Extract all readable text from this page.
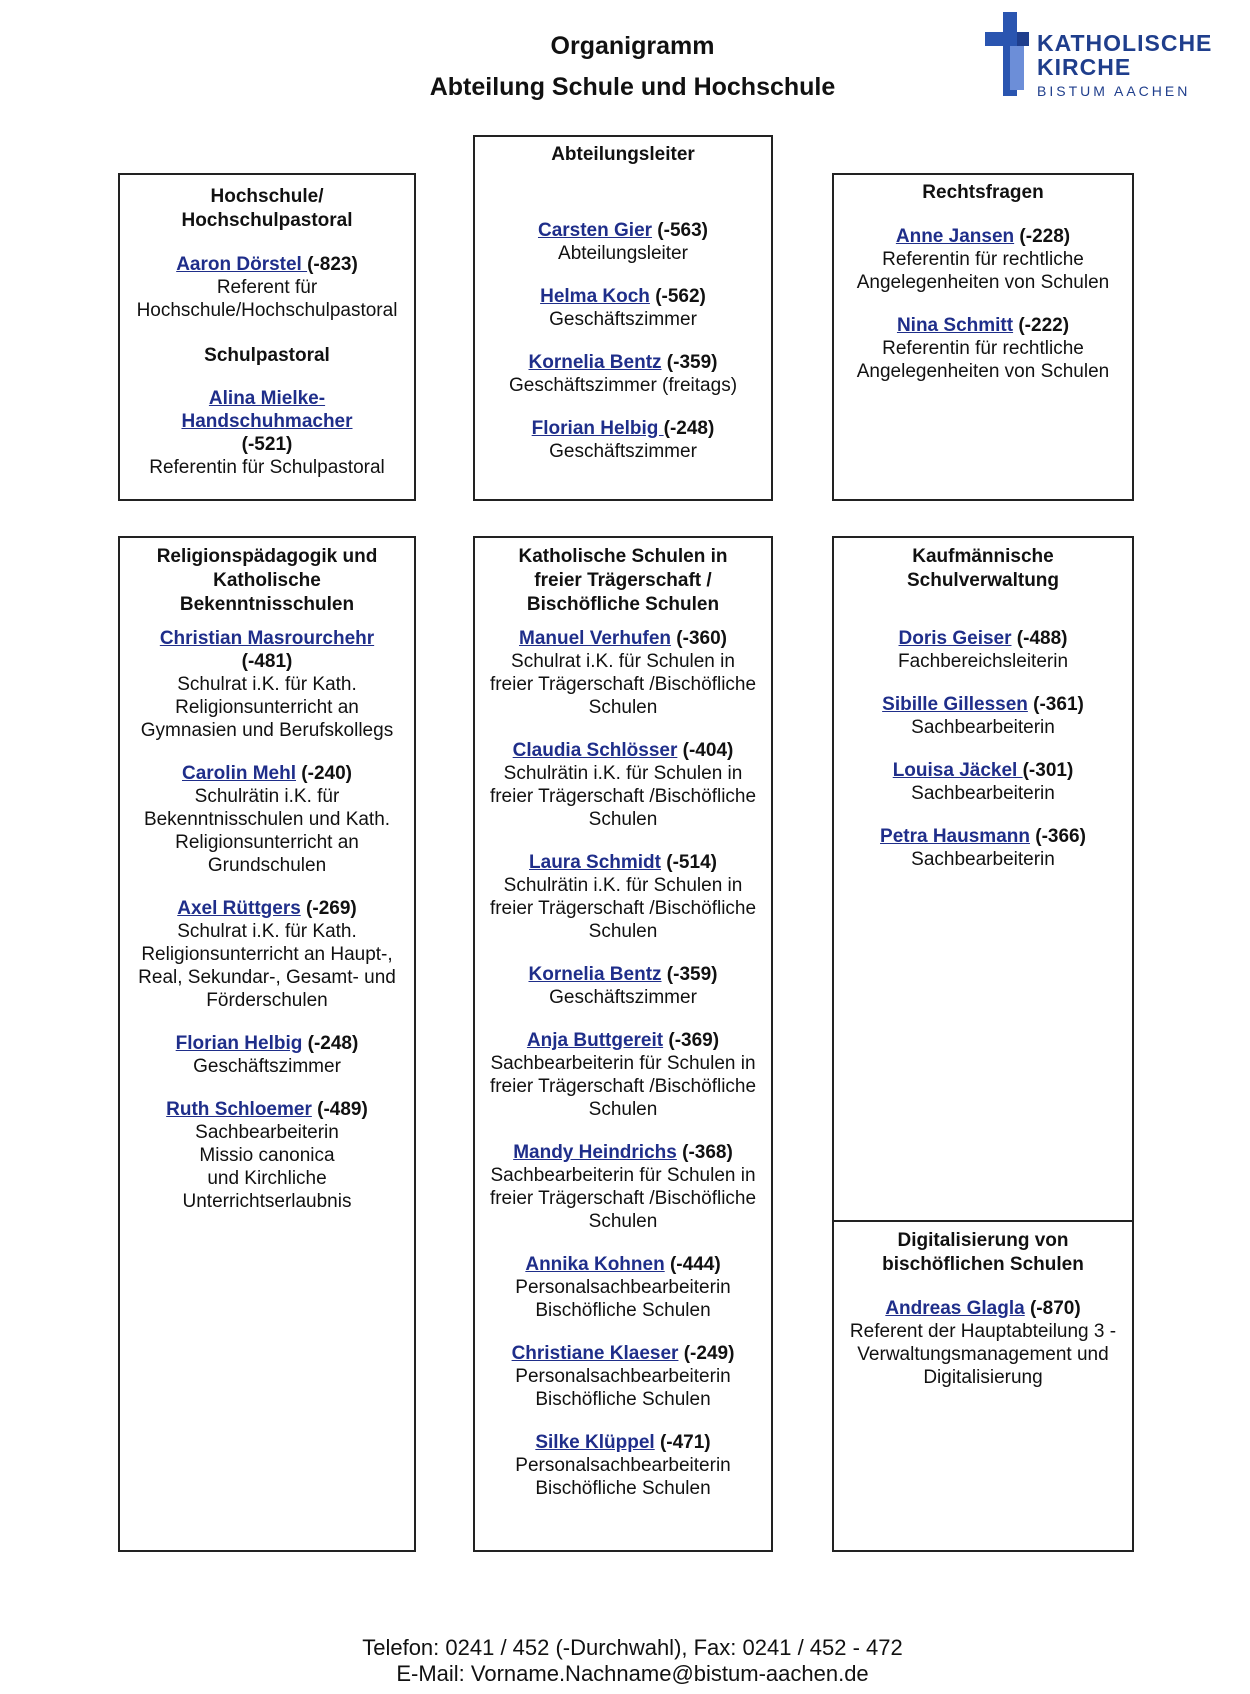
Organigramm
Abteilung Schule und Hochschule
KATHOLISCHE
KIRCHE
BISTUM AACHEN
Hochschule/
Hochschulpastoral
Aaron Dörstel (-823)
Referent für
Hochschule/Hochschulpastoral
Schulpastoral
Alina Mielke-
Handschuhmacher
(-521)
Referentin für Schulpastoral
Abteilungsleiter
Carsten Gier (-563)
Abteilungsleiter
Helma Koch (-562)
Geschäftszimmer
Kornelia Bentz (-359)
Geschäftszimmer (freitags)
Florian Helbig (-248)
Geschäftszimmer
Rechtsfragen
Anne Jansen (-228)
Referentin für rechtliche
Angelegenheiten von Schulen
Nina Schmitt (-222)
Referentin für rechtliche
Angelegenheiten von Schulen
Religionspädagogik und
Katholische
Bekenntnisschulen
Christian Masrourchehr
(-481)
Schulrat i.K. für Kath.
Religionsunterricht an
Gymnasien und Berufskollegs
Carolin Mehl (-240)
Schulrätin i.K. für
Bekenntnisschulen und Kath.
Religionsunterricht an
Grundschulen
Axel Rüttgers (-269)
Schulrat i.K. für Kath.
Religionsunterricht an Haupt-,
Real, Sekundar-, Gesamt- und
Förderschulen
Florian Helbig (-248)
Geschäftszimmer
Ruth Schloemer (-489)
Sachbearbeiterin
Missio canonica
und Kirchliche
Unterrichtserlaubnis
Katholische Schulen in
freier Trägerschaft /
Bischöfliche Schulen
Manuel Verhufen (-360)
Schulrat i.K. für Schulen in
freier Trägerschaft /Bischöfliche
Schulen
Claudia Schlösser (-404)
Schulrätin i.K. für Schulen in
freier Trägerschaft /Bischöfliche
Schulen
Laura Schmidt (-514)
Schulrätin i.K. für Schulen in
freier Trägerschaft /Bischöfliche
Schulen
Kornelia Bentz (-359)
Geschäftszimmer
Anja Buttgereit (-369)
Sachbearbeiterin für Schulen in
freier Trägerschaft /Bischöfliche
Schulen
Mandy Heindrichs (-368)
Sachbearbeiterin für Schulen in
freier Trägerschaft /Bischöfliche
Schulen
Annika Kohnen (-444)
Personalsachbearbeiterin
Bischöfliche Schulen
Christiane Klaeser (-249)
Personalsachbearbeiterin
Bischöfliche Schulen
Silke Klüppel (-471)
Personalsachbearbeiterin
Bischöfliche Schulen
Kaufmännische
Schulverwaltung
Doris Geiser (-488)
Fachbereichsleiterin
Sibille Gillessen (-361)
Sachbearbeiterin
Louisa Jäckel (-301)
Sachbearbeiterin
Petra Hausmann (-366)
Sachbearbeiterin
Digitalisierung von
bischöflichen Schulen
Andreas Glagla (-870)
Referent der Hauptabteilung 3 -
Verwaltungsmanagement und
Digitalisierung
Telefon: 0241 / 452 (-Durchwahl), Fax: 0241 / 452 - 472
E-Mail: Vorname.Nachname@bistum-aachen.de
